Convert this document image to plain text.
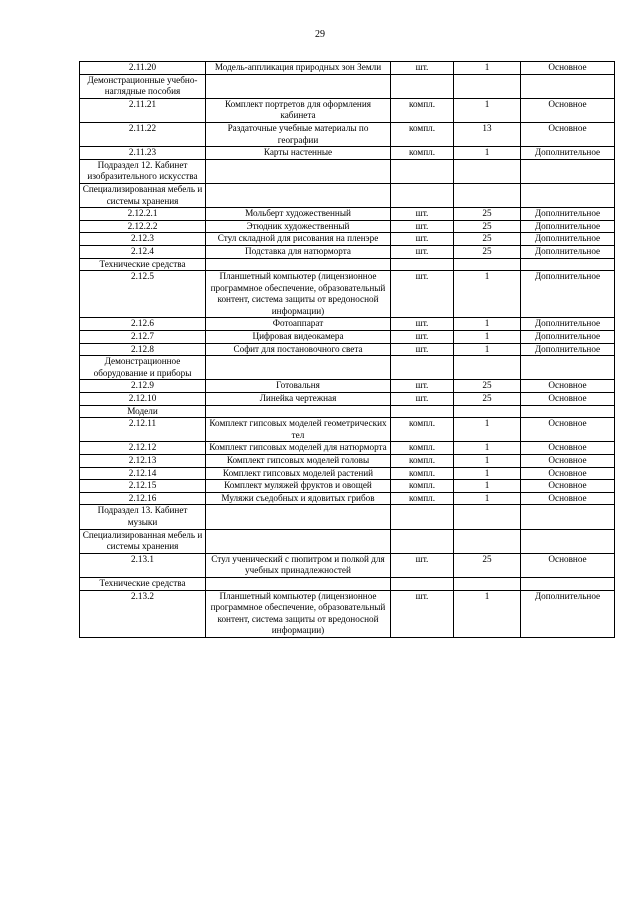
29
2.11.20	Модель-аппликация природных зон Земли	шт.	1	Основное
Демонстрационные учебно-наглядные пособия				
2.11.21	Комплект портретов для оформления кабинета	компл.	1	Основное
2.11.22	Раздаточные учебные материалы по географии	компл.	13	Основное
2.11.23	Карты настенные	компл.	1	Дополнительное
Подраздел 12. Кабинет изобразительного искусства				
Специализированная мебель и системы хранения				
2.12.2.1	Мольберт художественный	шт.	25	Дополнительное
2.12.2.2	Этюдник художественный	шт.	25	Дополнительное
2.12.3	Стул складной для рисования на пленэре	шт.	25	Дополнительное
2.12.4	Подставка для натюрморта	шт.	25	Дополнительное
Технические средства				
2.12.5	Планшетный компьютер (лицензионное программное обеспечение, образовательный контент, система защиты от вредоносной информации)	шт.	1	Дополнительное
2.12.6	Фотоаппарат	шт.	1	Дополнительное
2.12.7	Цифровая видеокамера	шт.	1	Дополнительное
2.12.8	Софит для постановочного света	шт.	1	Дополнительное
Демонстрационное оборудование и приборы				
2.12.9	Готовальня	шт.	25	Основное
2.12.10	Линейка чертежная	шт.	25	Основное
Модели				
2.12.11	Комплект гипсовых моделей геометрических тел	компл.	1	Основное
2.12.12	Комплект гипсовых моделей для натюрморта	компл.	1	Основное
2.12.13	Комплект гипсовых моделей головы	компл.	1	Основное
2.12.14	Комплект гипсовых моделей растений	компл.	1	Основное
2.12.15	Комплект муляжей фруктов и овощей	компл.	1	Основное
2.12.16	Муляжи съедобных и ядовитых грибов	компл.	1	Основное
Подраздел 13. Кабинет музыки				
Специализированная мебель и системы хранения				
2.13.1	Стул ученический с пюпитром и полкой для учебных принадлежностей	шт.	25	Основное
Технические средства				
2.13.2	Планшетный компьютер (лицензионное программное обеспечение, образовательный контент, система защиты от вредоносной информации)	шт.	1	Дополнительное
